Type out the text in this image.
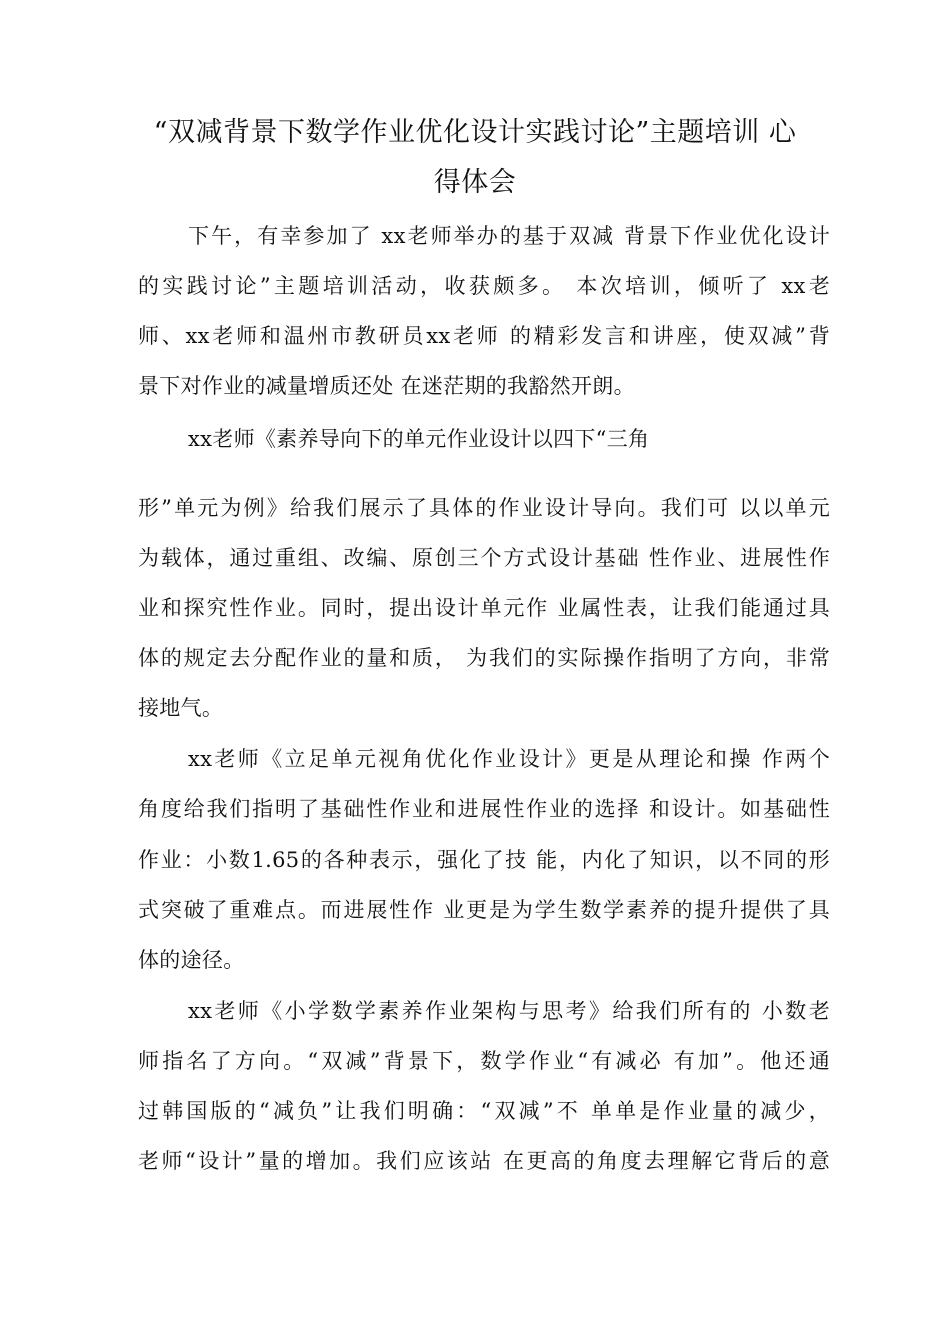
“双减背景下数学作业优化设计实践讨论”主题培训 心
得体会
下午，有幸参加了 xx老师举办的基于双减 背景下作业优化设计
的实践讨论”主题培训活动，收获颇多。 本次培训，倾听了 xx老
师、xx老师和温州市教研员xx老师 的精彩发言和讲座，使双减”背
景下对作业的减量增质还处 在迷茫期的我豁然开朗。
xx老师《素养导向下的单元作业设计以四下“三角
形”单元为例》给我们展示了具体的作业设计导向。我们可 以以单元
为载体，通过重组、改编、原创三个方式设计基础 性作业、进展性作
业和探究性作业。同时，提出设计单元作 业属性表，让我们能通过具
体的规定去分配作业的量和质， 为我们的实际操作指明了方向，非常
接地气。
xx老师《立足单元视角优化作业设计》更是从理论和操 作两个
角度给我们指明了基础性作业和进展性作业的选择 和设计。如基础性
作业：小数1.65的各种表示，强化了技 能，内化了知识，以不同的形
式突破了重难点。而进展性作 业更是为学生数学素养的提升提供了具
体的途径。
xx老师《小学数学素养作业架构与思考》给我们所有的 小数老
师指名了方向。“双减”背景下，数学作业“有减必 有加”。他还通
过韩国版的“减负”让我们明确：“双减”不 单单是作业量的减少，
老师“设计”量的增加。我们应该站 在更高的角度去理解它背后的意
